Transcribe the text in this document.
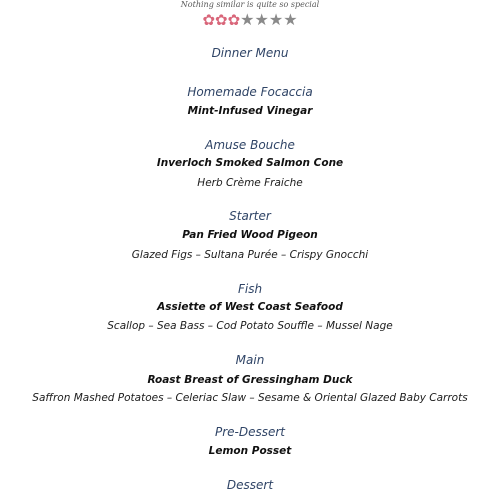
Nothing similar is quite so special
✿✿✿★★★★
Dinner Menu
Homemade Focaccia
Mint-Infused Vinegar
Amuse Bouche
Inverloch Smoked Salmon Cone
Herb Crème Fraiche
Starter
Pan Fried Wood Pigeon
Glazed Figs – Sultana Purée – Crispy Gnocchi
Fish
Assiette of West Coast Seafood
Scallop – Sea Bass – Cod Potato Souffle – Mussel Nage
Main
Roast Breast of Gressingham Duck
Saffron Mashed Potatoes – Celeriac Slaw – Sesame & Oriental Glazed Baby Carrots
Pre-Dessert
Lemon Posset
Dessert
